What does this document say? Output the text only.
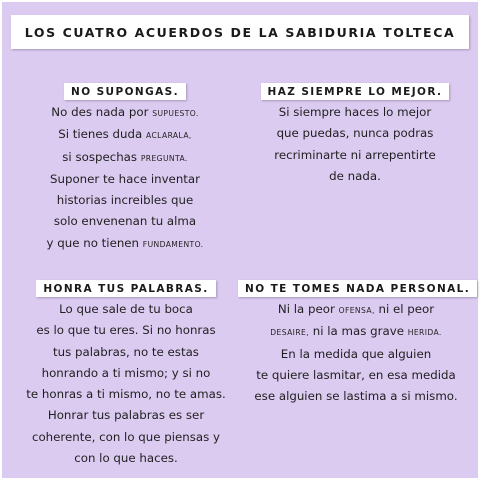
LOS CUATRO ACUERDOS DE LA SABIDURIA TOLTECA
NO SUPONGAS.
No des nada por SUPUESTO.
Si tienes duda ACLARALA,
si sospechas PREGUNTA.
Suponer te hace inventar
historias increibles que
solo envenenan tu alma
y que no tienen FUNDAMENTO.
HAZ SIEMPRE LO MEJOR.
Si siempre haces lo mejor
que puedas, nunca podras
recriminarte ni arrepentirte
de nada.
HONRA TUS PALABRAS.
Lo que sale de tu boca
es lo que tu eres. Si no honras
tus palabras, no te estas
honrando a ti mismo; y si no
te honras a ti mismo, no te amas.
Honrar tus palabras es ser
coherente, con lo que piensas y
con lo que haces.
NO TE TOMES NADA PERSONAL.
Ni la peor OFENSA, ni el peor
DESAIRE, ni la mas grave HERIDA.
En la medida que alguien
te quiere lasmitar, en esa medida
ese alguien se lastima a si mismo.
